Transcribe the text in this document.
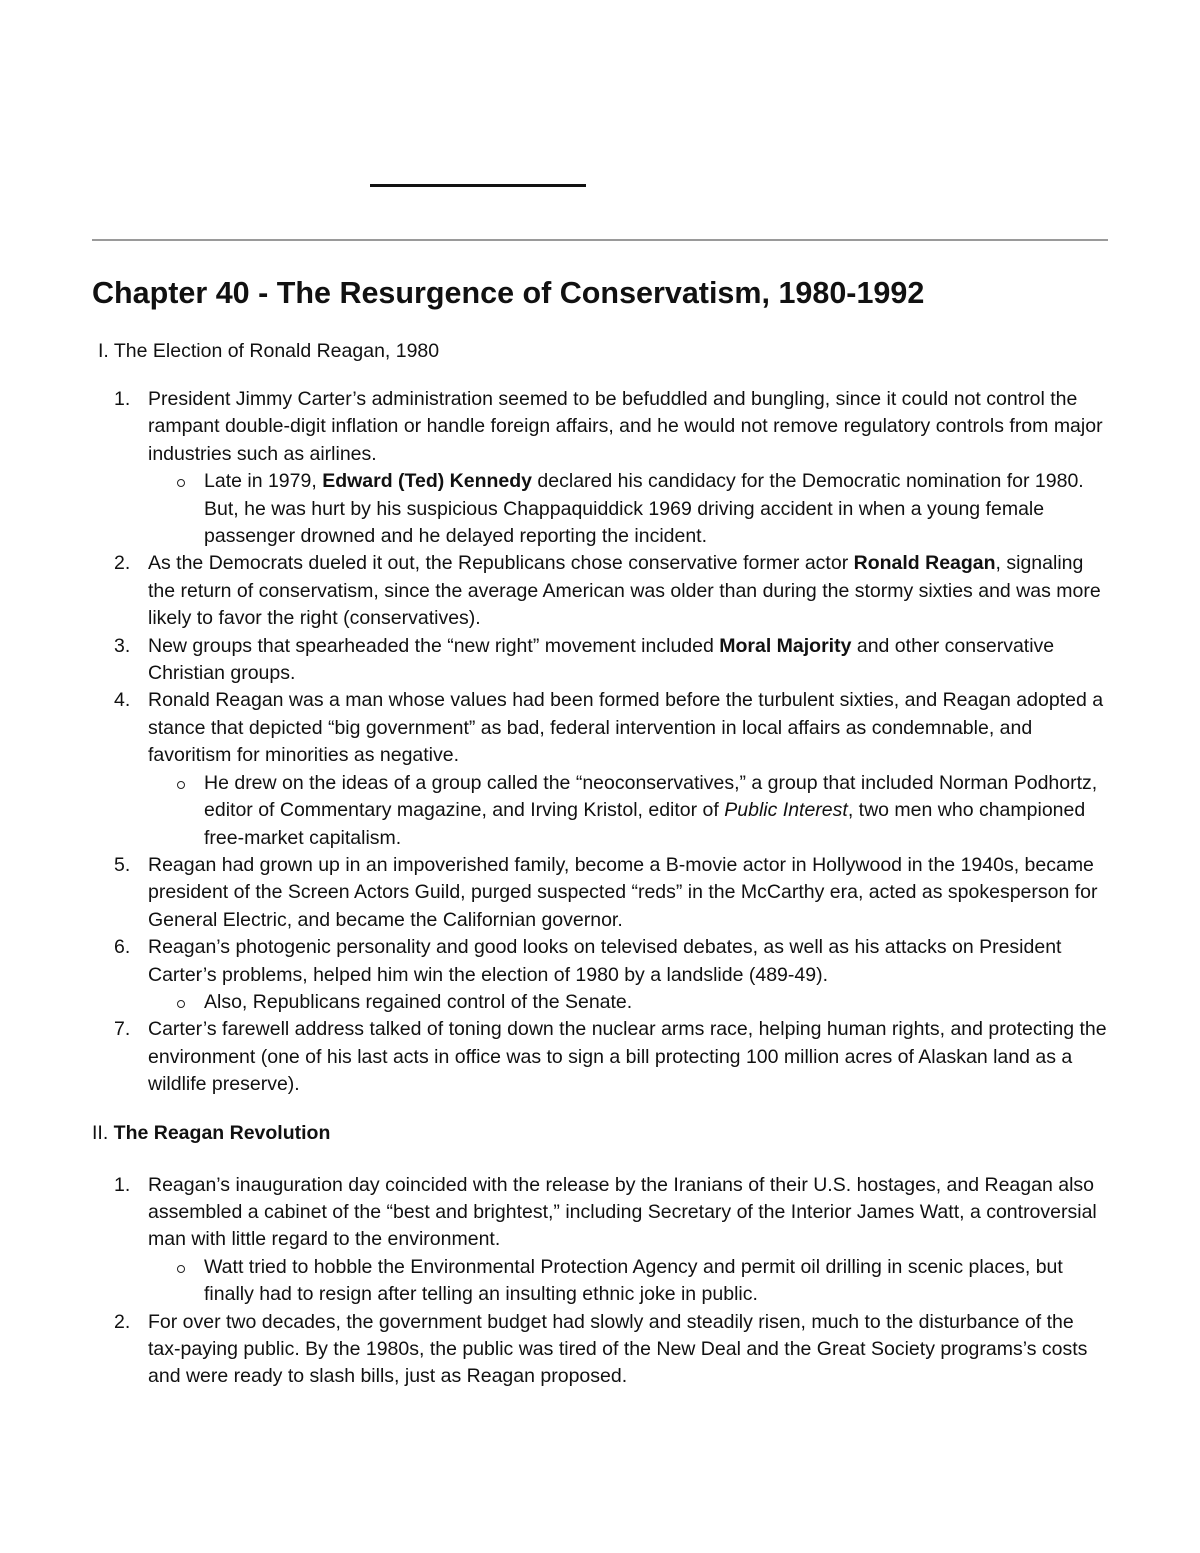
Chapter 40 - The Resurgence of Conservatism, 1980-1992
I. The Election of Ronald Reagan, 1980
1. President Jimmy Carter’s administration seemed to be befuddled and bungling, since it could not control the rampant double-digit inflation or handle foreign affairs, and he would not remove regulatory controls from major industries such as airlines.
Late in 1979, Edward (Ted) Kennedy declared his candidacy for the Democratic nomination for 1980. But, he was hurt by his suspicious Chappaquiddick 1969 driving accident in when a young female passenger drowned and he delayed reporting the incident.
2. As the Democrats dueled it out, the Republicans chose conservative former actor Ronald Reagan, signaling the return of conservatism, since the average American was older than during the stormy sixties and was more likely to favor the right (conservatives).
3. New groups that spearheaded the “new right” movement included Moral Majority and other conservative Christian groups.
4. Ronald Reagan was a man whose values had been formed before the turbulent sixties, and Reagan adopted a stance that depicted “big government” as bad, federal intervention in local affairs as condemnable, and favoritism for minorities as negative.
He drew on the ideas of a group called the “neoconservatives,” a group that included Norman Podhortz, editor of Commentary magazine, and Irving Kristol, editor of Public Interest, two men who championed free-market capitalism.
5. Reagan had grown up in an impoverished family, become a B-movie actor in Hollywood in the 1940s, became president of the Screen Actors Guild, purged suspected “reds” in the McCarthy era, acted as spokesperson for General Electric, and became the Californian governor.
6. Reagan’s photogenic personality and good looks on televised debates, as well as his attacks on President Carter’s problems, helped him win the election of 1980 by a landslide (489-49).
Also, Republicans regained control of the Senate.
7. Carter’s farewell address talked of toning down the nuclear arms race, helping human rights, and protecting the environment (one of his last acts in office was to sign a bill protecting 100 million acres of Alaskan land as a wildlife preserve).
II. The Reagan Revolution
1. Reagan’s inauguration day coincided with the release by the Iranians of their U.S. hostages, and Reagan also assembled a cabinet of the “best and brightest,” including Secretary of the Interior James Watt, a controversial man with little regard to the environment.
Watt tried to hobble the Environmental Protection Agency and permit oil drilling in scenic places, but finally had to resign after telling an insulting ethnic joke in public.
2. For over two decades, the government budget had slowly and steadily risen, much to the disturbance of the tax-paying public. By the 1980s, the public was tired of the New Deal and the Great Society programs’s costs and were ready to slash bills, just as Reagan proposed.
